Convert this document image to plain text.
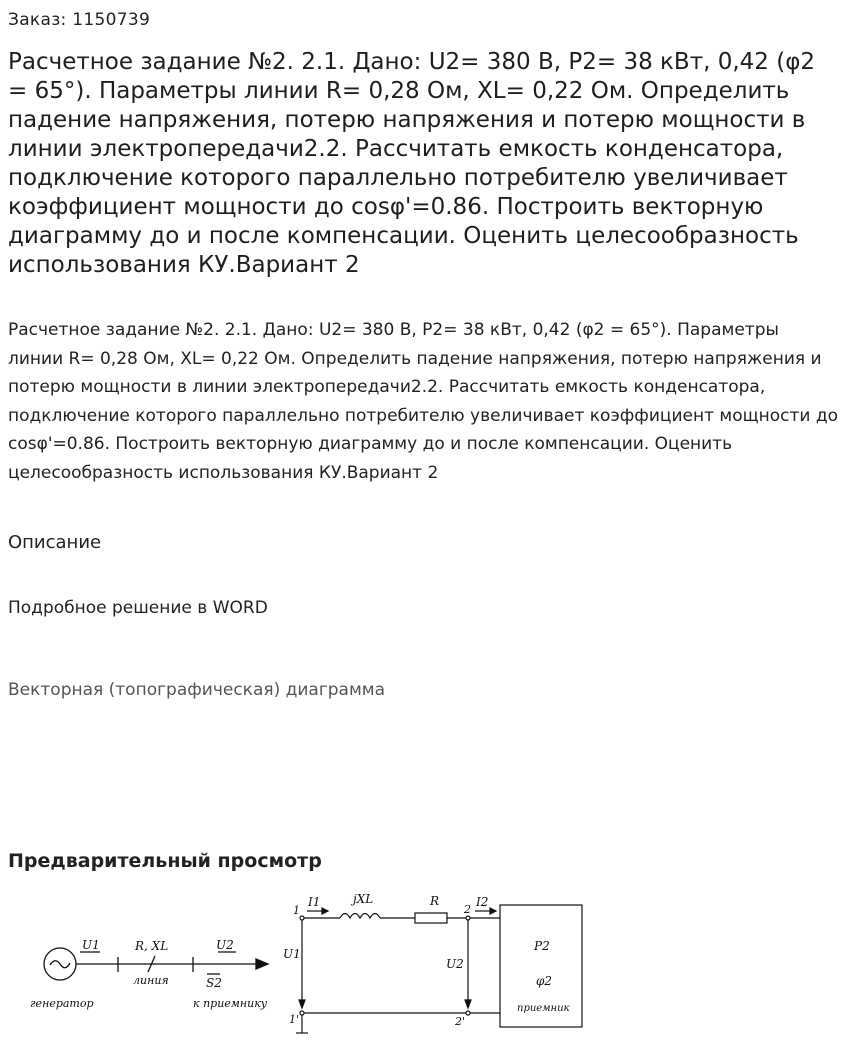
Заказ: 1150739
Расчетное задание №2. 2.1. Дано: U2= 380 В, P2= 38 кВт, 0,42 (φ2 = 65°). Параметры линии R= 0,28 Ом, XL= 0,22 Ом. Определить падение напряжения, потерю напряжения и потерю мощности в линии электропередачи2.2. Рассчитать емкость конденсатора, подключение которого параллельно потребителю увеличивает коэффициент мощности до cosφ'=0.86. Построить векторную диаграмму до и после компенсации. Оценить целесообразность использования КУ.Вариант 2

Расчетное задание №2. 2.1. Дано: U2= 380 В, P2= 38 кВт, 0,42 (φ2 = 65°). Параметры линии R= 0,28 Ом, XL= 0,22 Ом. Определить падение напряжения, потерю напряжения и потерю мощности в линии электропередачи2.2. Рассчитать емкость конденсатора, подключение которого параллельно потребителю увеличивает коэффициент мощности до cosφ'=0.86. Построить векторную диаграмму до и после компенсации. Оценить целесообразность использования КУ.Вариант 2

Описание
Подробное решение в WORD
Векторная (топографическая) диаграмма
Предварительный просмотр
U1	R, XL	U2
S2
генератор
линия
к приемнику
1
1'
2
2'
I1	jXL	R	I2
U1
U2
P2
φ2
приемник
